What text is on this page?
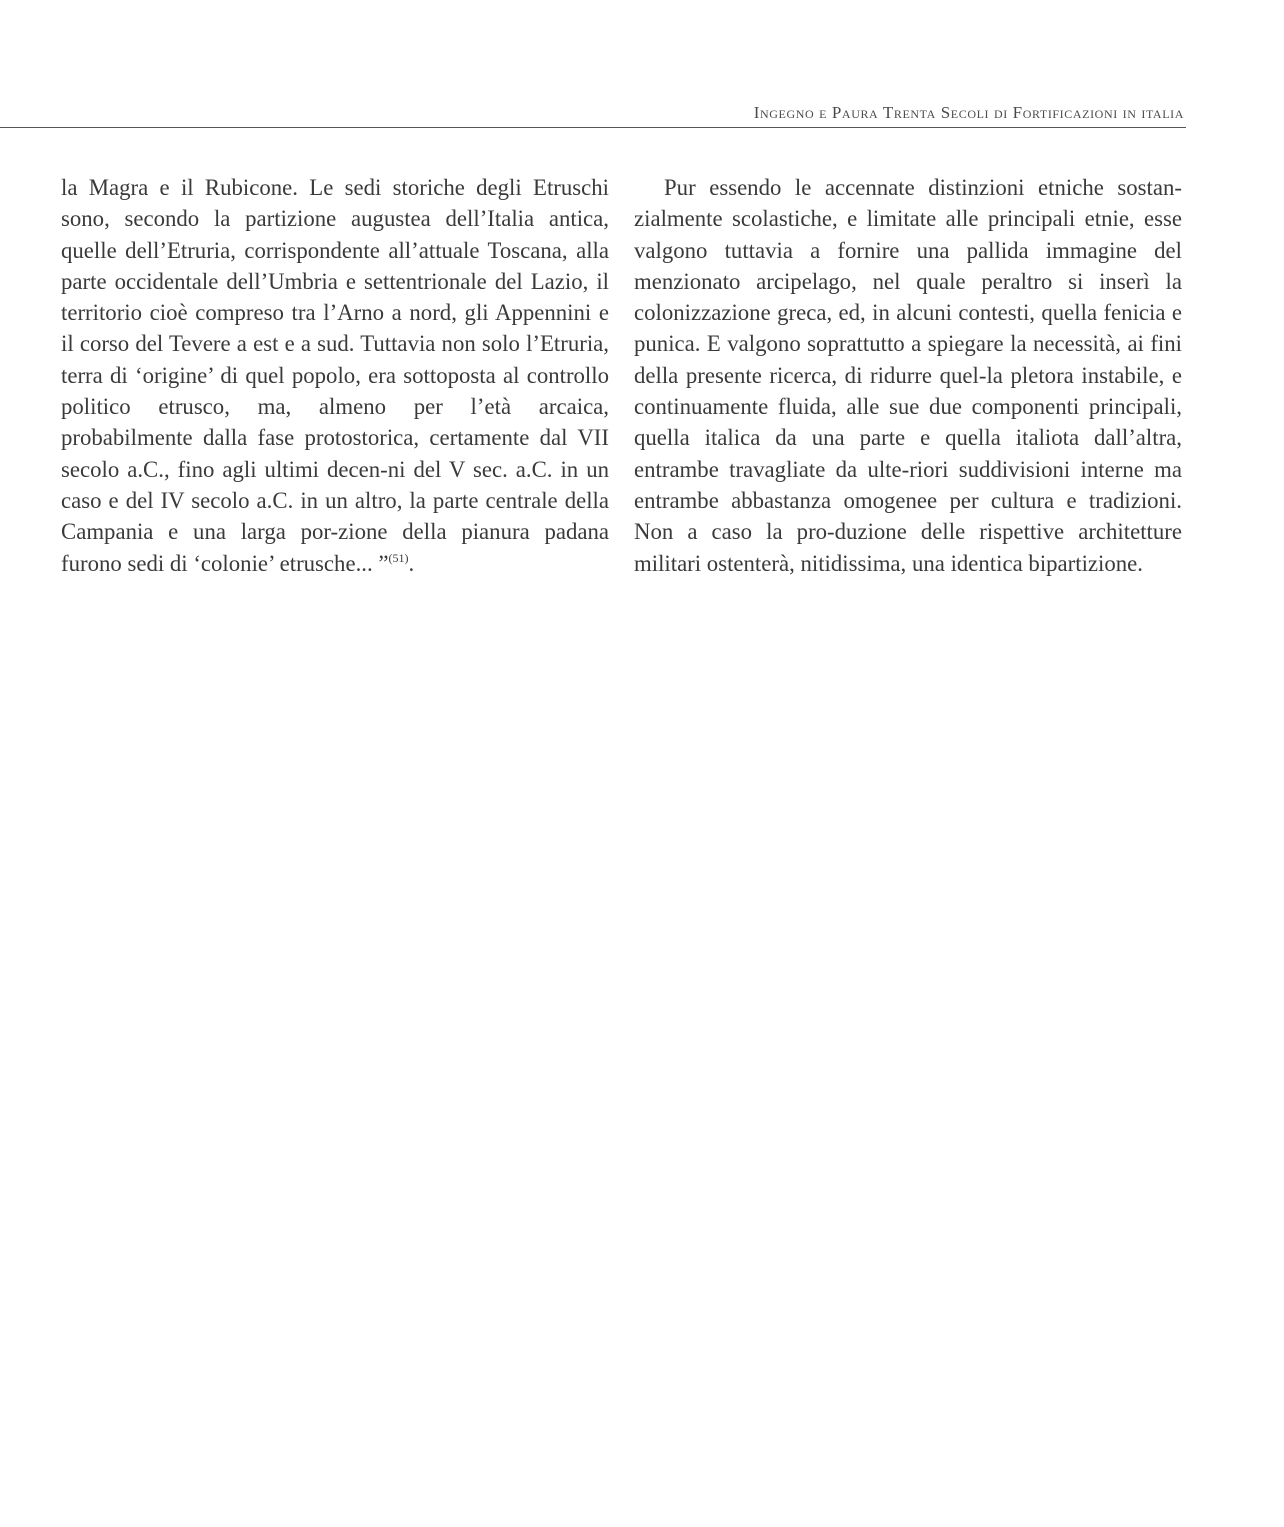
Ingegno e Paura Trenta Secoli di Fortificazioni in italia

la Magra e il Rubicone. Le sedi storiche degli Etruschi sono, secondo la partizione augustea dell’Italia antica, quelle dell’Etruria, corrispondente all’attuale Toscana, alla parte occidentale dell’Umbria e settentrionale del Lazio, il territorio cioè compreso tra l’Arno a nord, gli Appennini e il corso del Tevere a est e a sud. Tuttavia non solo l’Etruria, terra di ‘origine’ di quel popolo, era sottoposta al controllo politico etrusco, ma, almeno per l’età arcaica, probabilmente dalla fase protostorica, certamente dal VII secolo a.C., fino agli ultimi decen-ni del V sec. a.C. in un caso e del IV secolo a.C. in un altro, la parte centrale della Campania e una larga por-zione della pianura padana furono sedi di ‘colonie’ etrusche... ”$^{(51)}$.

Pur essendo le accennate distinzioni etniche sostan-zialmente scolastiche, e limitate alle principali etnie, esse valgono tuttavia a fornire una pallida immagine del menzionato arcipelago, nel quale peraltro si inserì la colonizzazione greca, ed, in alcuni contesti, quella fenicia e punica. E valgono soprattutto a spiegare la necessità, ai fini della presente ricerca, di ridurre quel-la pletora instabile, e continuamente fluida, alle sue due componenti principali, quella italica da una parte e quella italiota dall’altra, entrambe travagliate da ulte-riori suddivisioni interne ma entrambe abbastanza omogenee per cultura e tradizioni. Non a caso la pro-duzione delle rispettive architetture militari ostenterà, nitidissima, una identica bipartizione.
